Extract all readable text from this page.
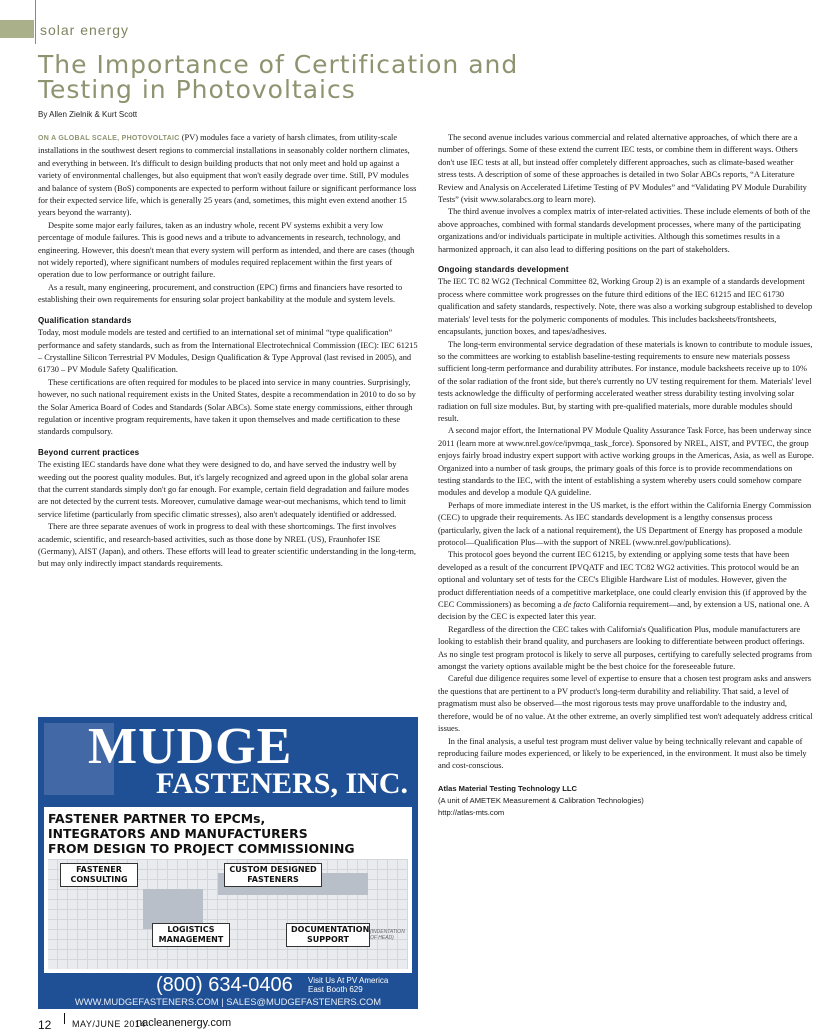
solar energy
The Importance of Certification and
Testing in Photovoltaics
By Allen Zielnik & Kurt Scott

ON A GLOBAL SCALE, PHOTOVOLTAIC (PV) modules face a variety of harsh climates, from utility-scale installations in the southwest desert regions to commercial installations in seasonably colder northern climates, and everything in between. It's difficult to design building products that not only meet and hold up against a variety of environmental challenges, but also equipment that won't easily degrade over time. Still, PV modules and balance of system (BoS) components are expected to perform without failure or significant performance loss for their expected service life, which is generally 25 years (and, sometimes, this might even extend another 15 years beyond the warranty).

Despite some major early failures, taken as an industry whole, recent PV systems exhibit a very low percentage of module failures. This is good news and a tribute to advancements in research, technology, and engineering. However, this doesn't mean that every system will perform as intended, and there are cases (though not widely reported), where significant numbers of modules required replacement within the first years of operation due to low performance or outright failure.

As a result, many engineering, procurement, and construction (EPC) firms and financiers have resorted to establishing their own requirements for ensuring solar project bankability at the module and system levels.

Qualification standards

Today, most module models are tested and certified to an international set of minimal “type qualification” performance and safety standards, such as from the International Electrotechnical Commission (IEC): IEC 61215 – Crystalline Silicon Terrestrial PV Modules, Design Qualification & Type Approval (last revised in 2005), and 61730 – PV Module Safety Qualification.

These certifications are often required for modules to be placed into service in many countries. Surprisingly, however, no such national requirement exists in the United States, despite a recommendation in 2010 to do so by the Solar America Board of Codes and Standards (Solar ABCs). Some state energy commissions, either through regulation or incentive program requirements, have taken it upon themselves and made certification to these standards compulsory.

Beyond current practices

The existing IEC standards have done what they were designed to do, and have served the industry well by weeding out the poorest quality modules. But, it's largely recognized and agreed upon in the global solar arena that the current standards simply don't go far enough. For example, certain field degradation and failure modes are not detected by the current tests. Moreover, cumulative damage wear-out mechanisms, which tend to limit service lifetime (particularly from specific climatic stresses), also aren't adequately identified or addressed.

There are three separate avenues of work in progress to deal with these shortcomings. The first involves academic, scientific, and research-based activities, such as those done by NREL (US), Fraunhofer ISE (Germany), AIST (Japan), and others. These efforts will lead to greater scientific understanding in the long-term, but may only indirectly impact standards requirements.

The second avenue includes various commercial and related alternative approaches, of which there are a number of offerings. Some of these extend the current IEC tests, or combine them in different ways. Others don't use IEC tests at all, but instead offer completely different approaches, such as climate-based weather stress tests. A description of some of these approaches is detailed in two Solar ABCs reports, “A Literature Review and Analysis on Accelerated Lifetime Testing of PV Modules” and “Validating PV Module Durability Tests” (visit www.solarabcs.org to learn more).

The third avenue involves a complex matrix of inter-related activities. These include elements of both of the above approaches, combined with formal standards development processes, where many of the participating organizations and/or individuals participate in multiple activities. Although this sometimes results in a harmonized approach, it can also lead to differing positions on the part of stakeholders.

Ongoing standards development

The IEC TC 82 WG2 (Technical Committee 82, Working Group 2) is an example of a standards development process where committee work progresses on the future third editions of the IEC 61215 and IEC 61730 qualification and safety standards, respectively. Note, there was also a working subgroup established to develop materials' level tests for the polymeric components of modules. This includes backsheets/frontsheets, encapsulants, junction boxes, and tapes/adhesives.

The long-term environmental service degradation of these materials is known to contribute to module issues, so the committees are working to establish baseline-testing requirements to ensure new materials possess sufficient long-term performance and durability attributes. For instance, module backsheets receive up to 10% of the solar radiation of the front side, but there's currently no UV testing requirement for them. Materials' level tests acknowledge the difficulty of performing accelerated weather stress durability testing involving solar radiation on full size modules. But, by starting with pre-qualified materials, more durable modules should result.

A second major effort, the International PV Module Quality Assurance Task Force, has been underway since 2011 (learn more at www.nrel.gov/ce/ipvmqa_task_force). Sponsored by NREL, AIST, and PVTEC, the group enjoys fairly broad industry expert support with active working groups in the Americas, Asia, as well as Europe. Organized into a number of task groups, the primary goals of this force is to provide recommendations on testing standards to the IEC, with the intent of establishing a system whereby users could somehow compare modules and develop a module QA guideline.

Perhaps of more immediate interest in the US market, is the effort within the California Energy Commission (CEC) to upgrade their requirements. As IEC standards development is a lengthy consensus process (particularly, given the lack of a national requirement), the US Department of Energy has proposed a module protocol—Qualification Plus—with the support of NREL (www.nrel.gov/publications).

This protocol goes beyond the current IEC 61215, by extending or applying some tests that have been developed as a result of the concurrent IPVQATF and IEC TC82 WG2 activities. This protocol would be an optional and voluntary set of tests for the CEC's Eligible Hardware List of modules. However, given the product differentiation needs of a competitive marketplace, one could clearly envision this (if approved by the CEC Commissioners) as becoming a de facto California requirement—and, by extension a US, national one. A decision by the CEC is expected later this year.

Regardless of the direction the CEC takes with California's Qualification Plus, module manufacturers are looking to establish their brand quality, and purchasers are looking to differentiate between product offerings. As no single test program protocol is likely to serve all purposes, certifying to carefully selected programs from amongst the variety options available might be the best choice for the foreseeable future.

Careful due diligence requires some level of expertise to ensure that a chosen test program asks and answers the questions that are pertinent to a PV product's long-term durability and reliability. That said, a level of pragmatism must also be observed—the most rigorous tests may prove unaffordable to the industry and, therefore, would be of no value. At the other extreme, an overly simplified test won't adequately address critical issues.

In the final analysis, a useful test program must deliver value by being technically relevant and capable of reproducing failure modes experienced, or likely to be experienced, in the environment. It must also be timely and cost-conscious.

Atlas Material Testing Technology LLC
(A unit of AMETEK Measurement & Calibration Technologies)
http://atlas-mts.com
MUDGE
FASTENERS, INC.
FASTENER PARTNER TO EPCMs,
INTEGRATORS AND MANUFACTURERS
FROM DESIGN TO PROJECT COMMISSIONING
FASTENER CONSULTING
CUSTOM DESIGNED FASTENERS
LOGISTICS MANAGEMENT
DOCUMENTATION SUPPORT
(INDENTATION OF HEAD)
(800) 634-0406 Visit Us At PV America
East Booth 629
WWW.MUDGEFASTENERS.COM | SALES@MUDGEFASTENERS.COM
12 MAY/JUNE 2014
nacleanenergy.com
